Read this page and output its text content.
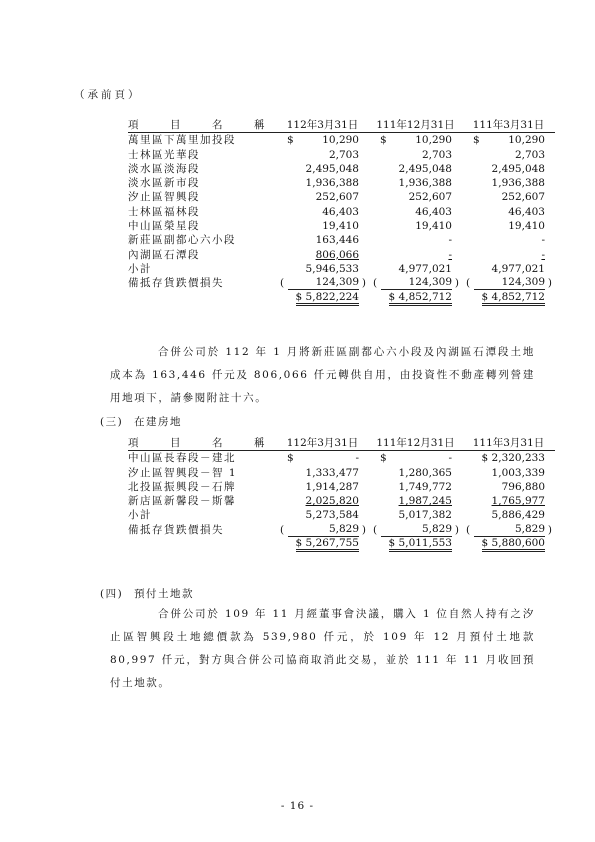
（承前頁）
項 目 名 稱	112年3月31日	111年12月31日	111年3月31日

萬里區下萬里加投段	$ 10,290	$ 10,290	$ 10,290

士林區光華段	2,703	2,703	2,703

淡水區淡海段	2,495,048	2,495,048	2,495,048

淡水區新市段	1,936,388	1,936,388	1,936,388

汐止區智興段	252,607	252,607	252,607

士林區福林段	46,403	46,403	46,403

中山區榮星段	19,410	19,410	19,410

新莊區副都心六小段	163,446	-	-

內湖區石潭段	806,066	-	-

小計	5,946,533	4,977,021	4,977,021

備抵存貨跌價損失	( 124,309 )	( 124,309 )	( 124,309 )

	$ 5,822,224	$ 4,852,712	$ 4,852,712
合併公司於 112 年 1 月將新莊區副都心六小段及內湖區石潭段土地成本為 163,446 仟元及 806,066 仟元轉供自用，由投資性不動產轉列營建用地項下，請參閱附註十六。
(三) 在建房地
項 目 名 稱	112年3月31日	111年12月31日	111年3月31日

中山區長春段－建北	$ -	$ -	$ 2,320,233

汐止區智興段－智 1	1,333,477	1,280,365	1,003,339

北投區振興段－石牌	1,914,287	1,749,772	796,880

新店區新馨段－斯馨	2,025,820	1,987,245	1,765,977

小計	5,273,584	5,017,382	5,886,429

備抵存貨跌價損失	( 5,829 )	( 5,829 )	( 5,829 )

	$ 5,267,755	$ 5,011,553	$ 5,880,600
(四) 預付土地款
合併公司於 109 年 11 月經董事會決議，購入 1 位自然人持有之汐止區智興段土地總價款為 539,980 仟元，於 109 年 12 月預付土地款 80,997 仟元，對方與合併公司協商取消此交易，並於 111 年 11 月收回預付土地款。
- 16 -
